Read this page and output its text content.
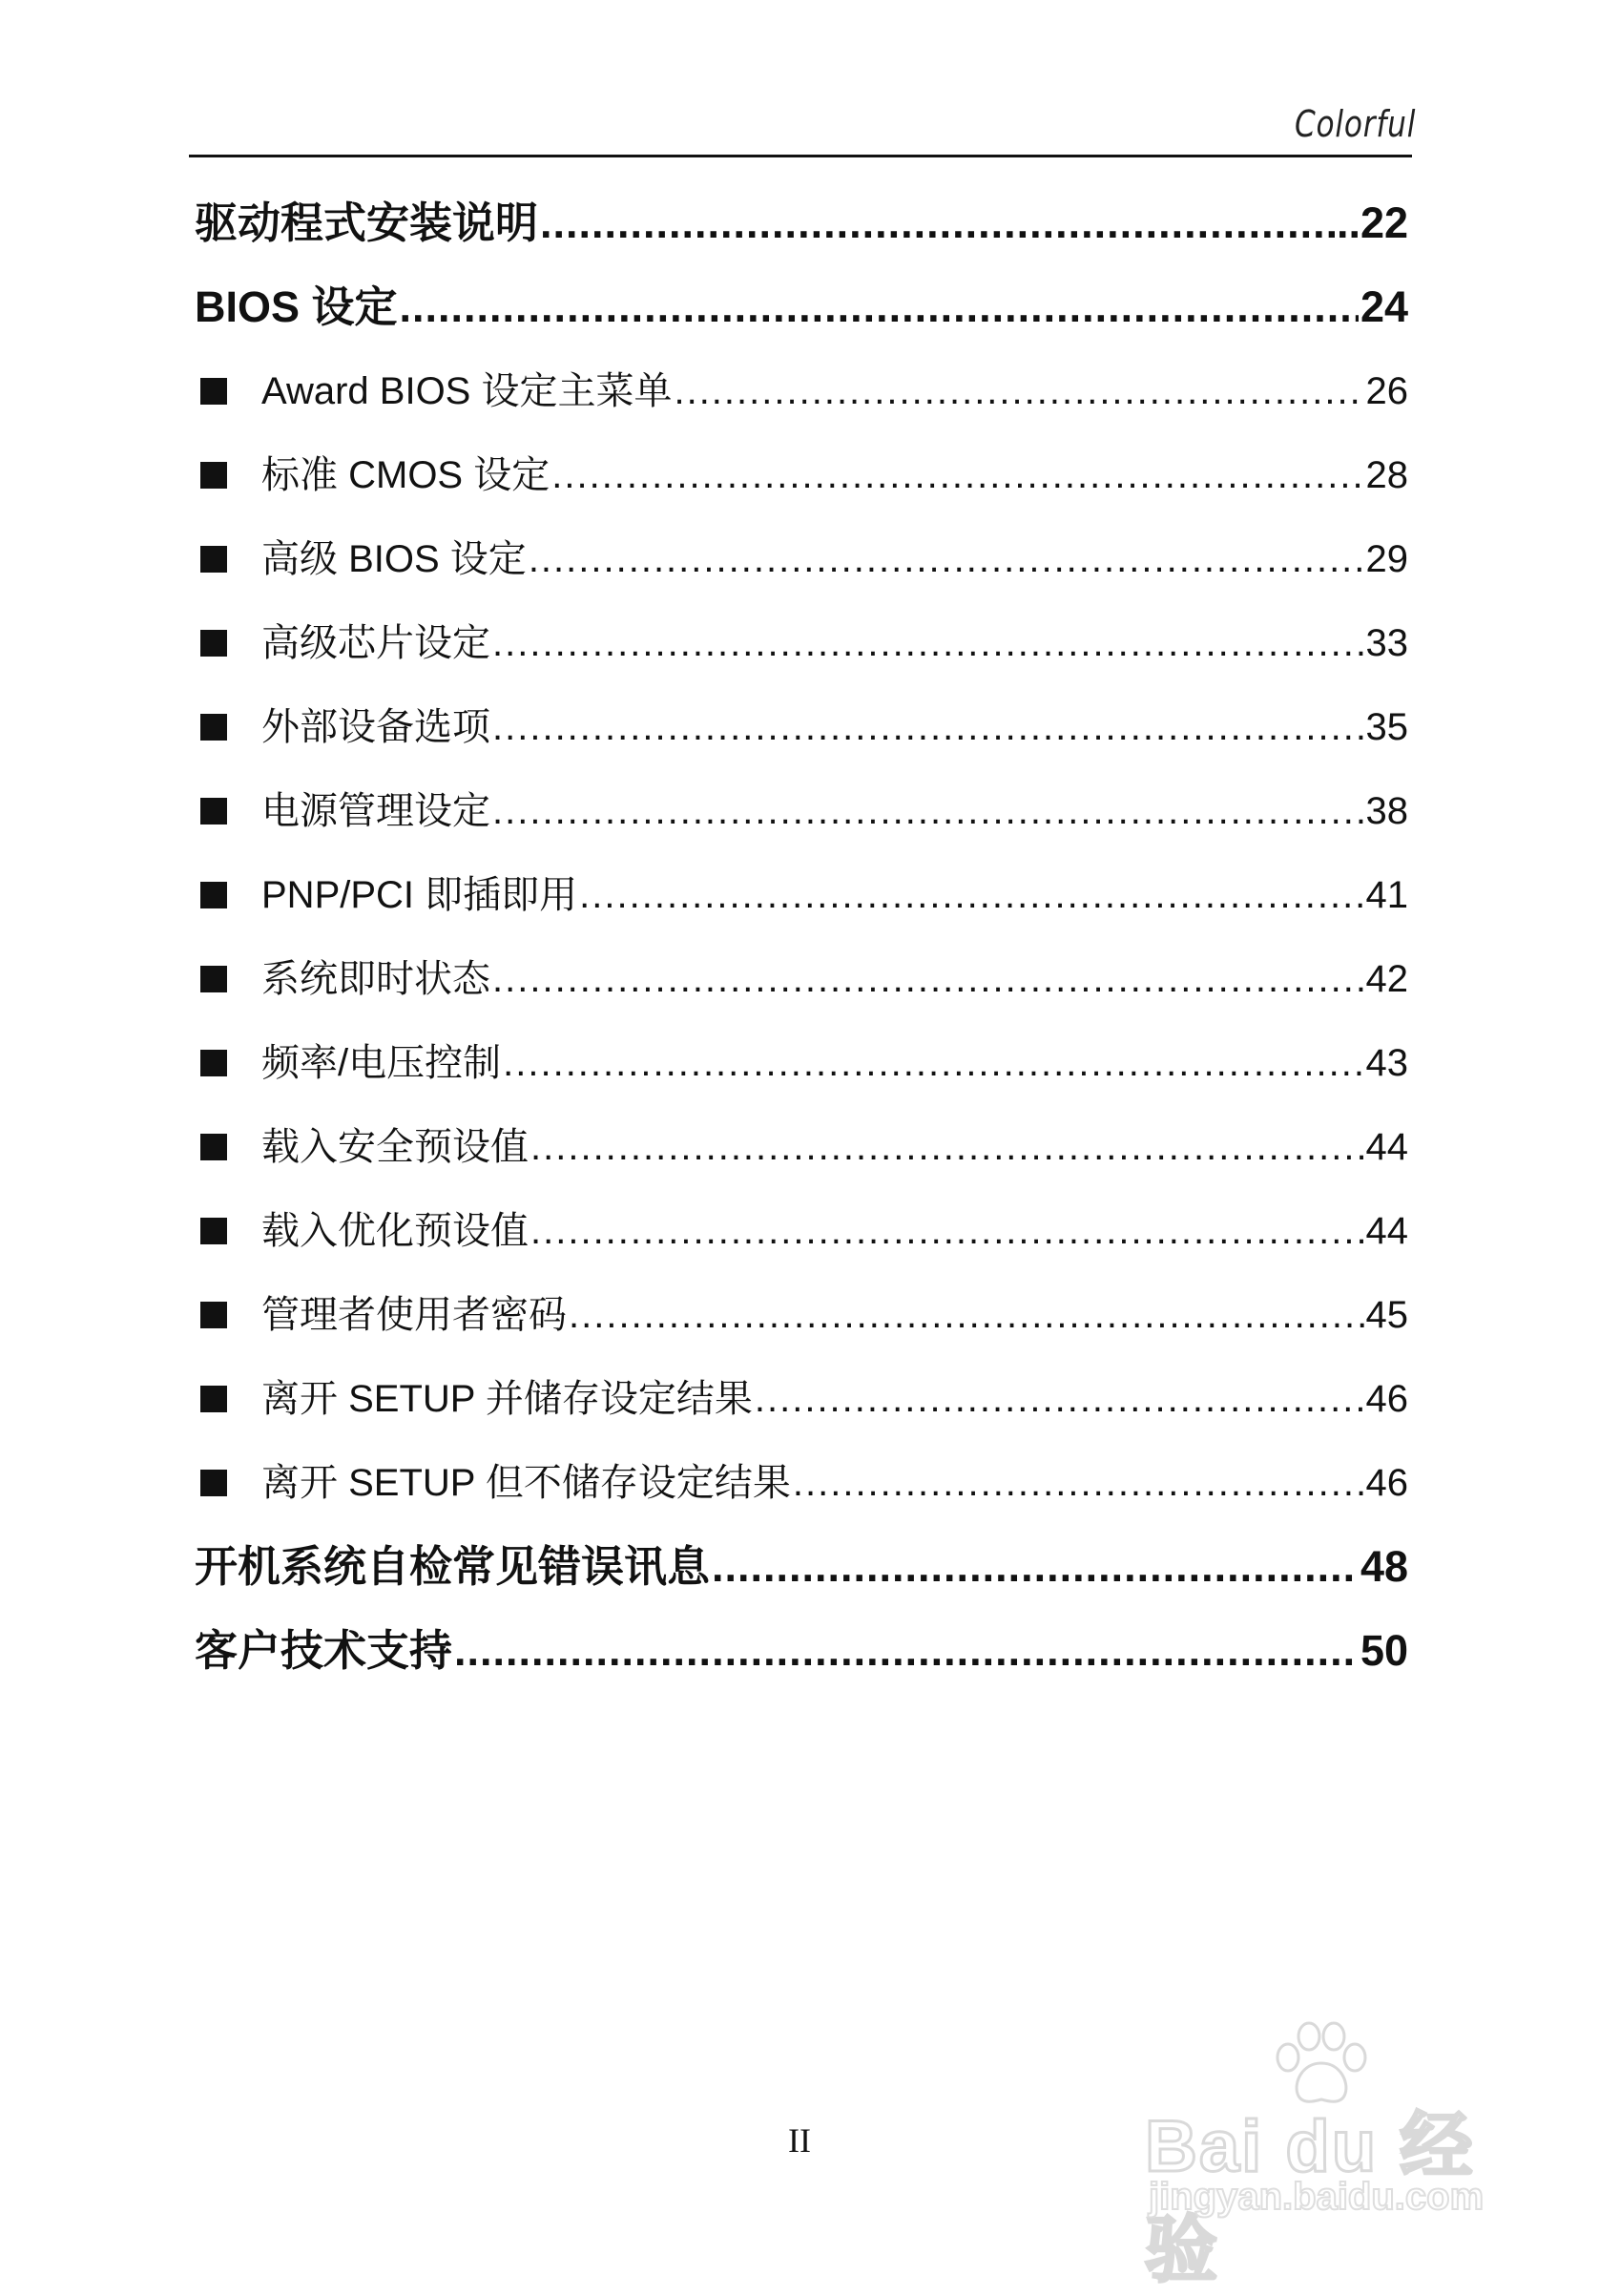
Colorful
驱动程式安装说明 .....	..22
BIOS 设定 .....	24
Award BIOS 设定主菜单 .....	26
标准 CMOS 设定 .....	28
高级 BIOS 设定 .....	29
高级芯片设定 .....	33
外部设备选项 .....	35
电源管理设定 .....	38
PNP/PCI 即插即用 .....	41
系统即时状态 .....	42
频率/电压控制 .....	43
载入安全预设值 .....	44
载入优化预设值 .....	44
管理者使用者密码 .....	45
离开 SETUP 并储存设定结果 .....	46
离开 SETUP 但不储存设定结果 .....	46
开机系统自检常见错误讯息 .....	48
客户技术支持 .....	50
II	Bai du 经验
jingyan.baidu.com
